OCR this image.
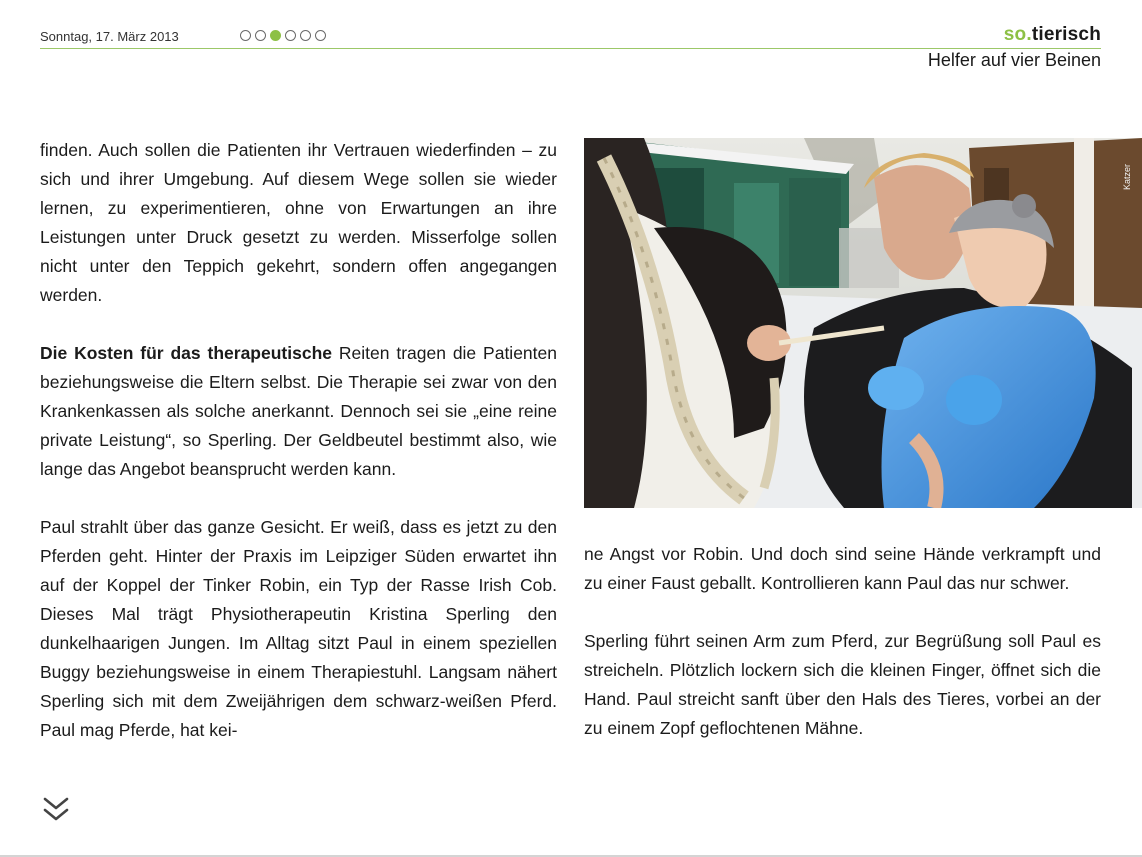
Sonntag, 17. März 2013	so.tierisch
Helfer auf vier Beinen

finden. Auch sollen die Patienten ihr Vertrauen wiederfinden – zu sich und ihrer Umgebung. Auf diesem Wege sollen sie wieder lernen, zu experimentieren, ohne von Erwartungen an ihre Leistungen unter Druck gesetzt zu werden. Misserfolge sollen nicht unter den Teppich gekehrt, sondern offen angegangen werden.

Die Kosten für das therapeutische Reiten tragen die Patienten beziehungsweise die Eltern selbst. Die Therapie sei zwar von den Krankenkassen als solche anerkannt. Dennoch sei sie „eine reine private Leistung“, so Sperling. Der Geldbeutel bestimmt also, wie lange das Angebot beansprucht werden kann.

Paul strahlt über das ganze Gesicht. Er weiß, dass es jetzt zu den Pferden geht. Hinter der Praxis im Leipziger Süden erwartet ihn auf der Koppel der Tinker Robin, ein Typ der Rasse Irish Cob. Dieses Mal trägt Physiotherapeutin Kristina Sperling den dunkelhaarigen Jungen. Im Alltag sitzt Paul in einem speziellen Buggy beziehungsweise in einem Therapiestuhl. Langsam nähert Sperling sich mit dem Zweijährigen dem schwarz-weißen Pferd. Paul mag Pferde, hat kei-

Katzer

ne Angst vor Robin. Und doch sind seine Hände verkrampft und zu einer Faust geballt. Kontrollieren kann Paul das nur schwer.

Sperling führt seinen Arm zum Pferd, zur Begrüßung soll Paul es streicheln. Plötzlich lockern sich die kleinen Finger, öffnet sich die Hand. Paul streicht sanft über den Hals des Tieres, vorbei an der zu einem Zopf geflochtenen Mähne.
